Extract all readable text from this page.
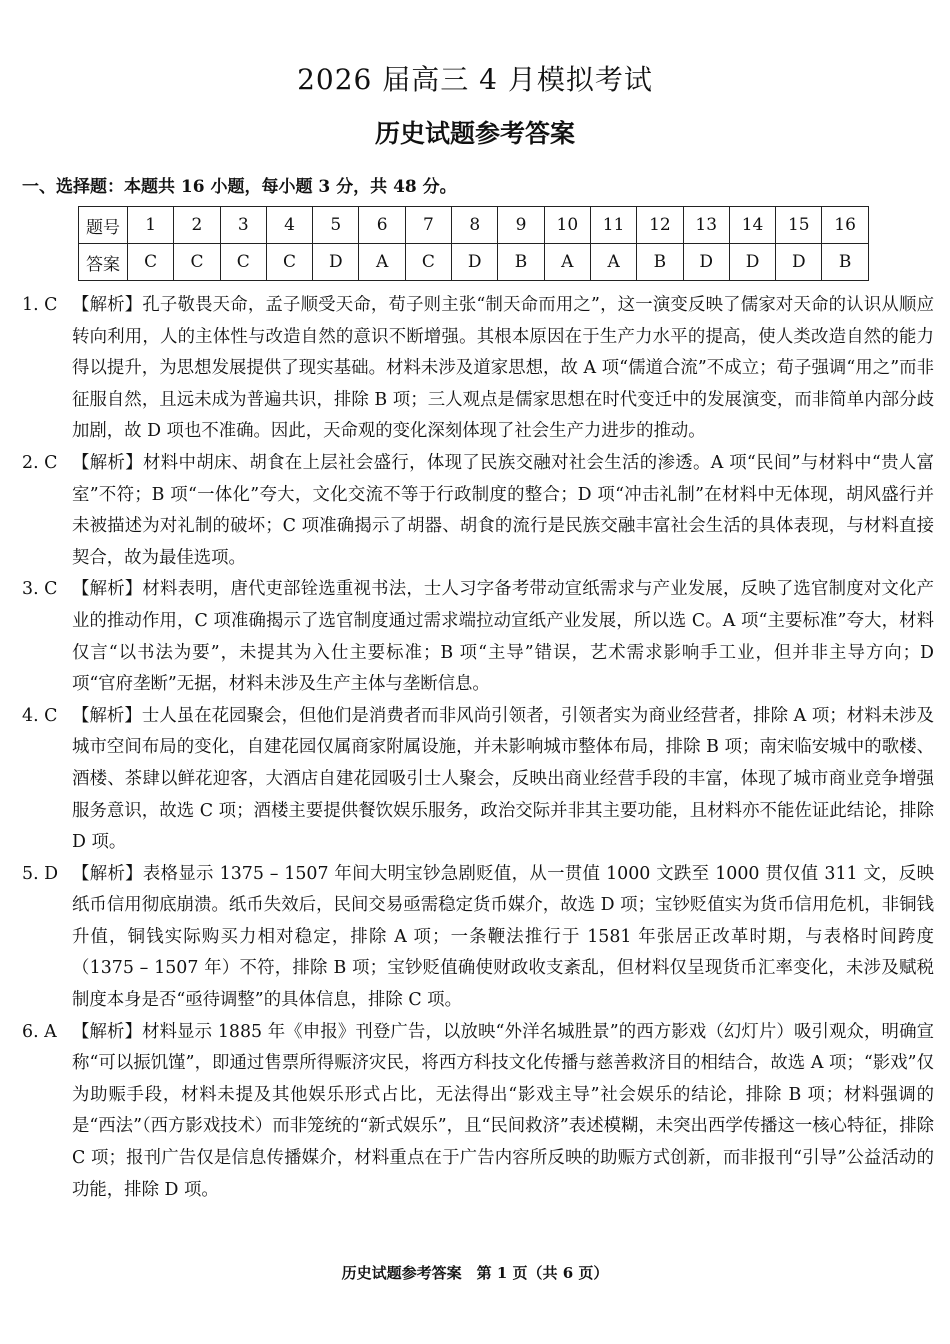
2026 届高三 4 月模拟考试
历史试题参考答案
一、选择题：本题共 16 小题，每小题 3 分，共 48 分。
题号	1	2	3	4	5	6	7	8	9	10	11	12	13	14	15	16
答案	C	C	C	C	D	A	C	D	B	A	A	B	D	D	D	B
1. C 【解析】孔子敬畏天命，孟子顺受天命，荀子则主张“制天命而用之”，这一演变反映了儒家对天命的认识从顺应转向利用，人的主体性与改造自然的意识不断增强。其根本原因在于生产力水平的提高，使人类改造自然的能力得以提升，为思想发展提供了现实基础。材料未涉及道家思想，故 A 项“儒道合流”不成立；荀子强调“用之”而非征服自然，且远未成为普遍共识，排除 B 项；三人观点是儒家思想在时代变迁中的发展演变，而非简单内部分歧加剧，故 D 项也不准确。因此，天命观的变化深刻体现了社会生产力进步的推动。
2. C 【解析】材料中胡床、胡食在上层社会盛行，体现了民族交融对社会生活的渗透。A 项“民间”与材料中“贵人富室”不符；B 项“一体化”夸大，文化交流不等于行政制度的整合；D 项“冲击礼制”在材料中无体现，胡风盛行并未被描述为对礼制的破坏；C 项准确揭示了胡器、胡食的流行是民族交融丰富社会生活的具体表现，与材料直接契合，故为最佳选项。
3. C 【解析】材料表明，唐代吏部铨选重视书法，士人习字备考带动宣纸需求与产业发展，反映了选官制度对文化产业的推动作用，C 项准确揭示了选官制度通过需求端拉动宣纸产业发展，所以选 C。A 项“主要标准”夸大，材料仅言“以书法为要”，未提其为入仕主要标准；B 项“主导”错误，艺术需求影响手工业，但并非主导方向；D 项“官府垄断”无据，材料未涉及生产主体与垄断信息。
4. C 【解析】士人虽在花园聚会，但他们是消费者而非风尚引领者，引领者实为商业经营者，排除 A 项；材料未涉及城市空间布局的变化，自建花园仅属商家附属设施，并未影响城市整体布局，排除 B 项；南宋临安城中的歌楼、酒楼、茶肆以鲜花迎客，大酒店自建花园吸引士人聚会，反映出商业经营手段的丰富，体现了城市商业竞争增强服务意识，故选 C 项；酒楼主要提供餐饮娱乐服务，政治交际并非其主要功能，且材料亦不能佐证此结论，排除 D 项。
5. D 【解析】表格显示 1375 – 1507 年间大明宝钞急剧贬值，从一贯值 1000 文跌至 1000 贯仅值 311 文，反映纸币信用彻底崩溃。纸币失效后，民间交易亟需稳定货币媒介，故选 D 项；宝钞贬值实为货币信用危机，非铜钱升值，铜钱实际购买力相对稳定，排除 A 项；一条鞭法推行于 1581 年张居正改革时期，与表格时间跨度（1375 – 1507 年）不符，排除 B 项；宝钞贬值确使财政收支紊乱，但材料仅呈现货币汇率变化，未涉及赋税制度本身是否“亟待调整”的具体信息，排除 C 项。
6. A 【解析】材料显示 1885 年《申报》刊登广告，以放映“外洋名城胜景”的西方影戏（幻灯片）吸引观众，明确宣称“可以振饥馑”，即通过售票所得赈济灾民，将西方科技文化传播与慈善救济目的相结合，故选 A 项；“影戏”仅为助赈手段，材料未提及其他娱乐形式占比，无法得出“影戏主导”社会娱乐的结论，排除 B 项；材料强调的是“西法”（西方影戏技术）而非笼统的“新式娱乐”，且“民间救济”表述模糊，未突出西学传播这一核心特征，排除 C 项；报刊广告仅是信息传播媒介，材料重点在于广告内容所反映的助赈方式创新，而非报刊“引导”公益活动的功能，排除 D 项。
历史试题参考答案　第 1 页（共 6 页）
